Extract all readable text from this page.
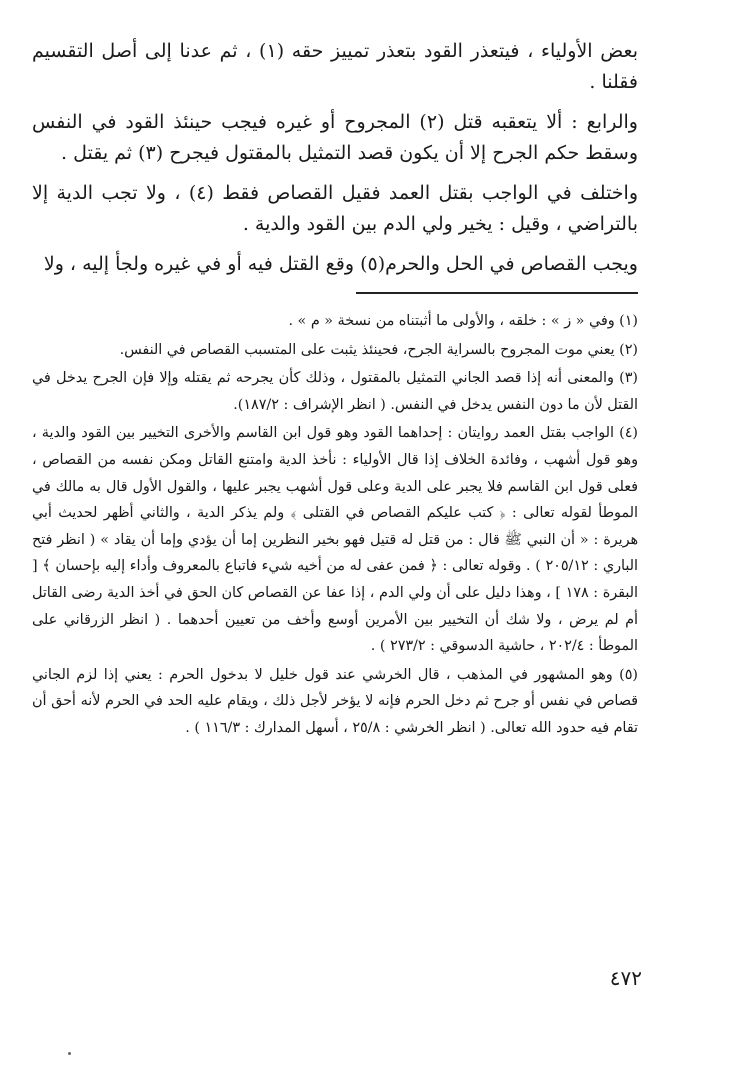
بعض الأولياء ، فيتعذر القود بتعذر تمييز حقه (١) ، ثم عدنا إلى أصل التقسيم فقلنا .

والرابع : ألا يتعقبه قتل (٢) المجروح أو غيره فيجب حينئذ القود في النفس وسقط حكم الجرح إلا أن يكون قصد التمثيل بالمقتول فيجرح (٣) ثم يقتل .

واختلف في الواجب بقتل العمد فقيل القصاص فقط (٤) ، ولا تجب الدية إلا بالتراضي ، وقيل : يخير ولي الدم بين القود والدية .

ويجب القصاص في الحل والحرم(٥) وقع القتل فيه أو في غيره ولجأ إليه ، ولا

(١) وفي « ز » : خلقه ، والأولى ما أثبتناه من نسخة « م » .

(٢) يعني موت المجروح بالسراية الجرح، فحينئذ يثبت على المتسبب القصاص في النفس.

(٣) والمعنى أنه إذا قصد الجاني التمثيل بالمقتول ، وذلك كأن يجرحه ثم يقتله وإلا فإن الجرح يدخل في القتل لأن ما دون النفس يدخل في النفس. ( انظر الإشراف : ١٨٧/٢).

(٤) الواجب بقتل العمد روايتان : إحداهما القود وهو قول ابن القاسم والأخرى التخيير بين القود والدية ، وهو قول أشهب ، وفائدة الخلاف إذا قال الأولياء : نأخذ الدية وامتنع القاتل ومكن نفسه من القصاص ، فعلى قول ابن القاسم فلا يجبر على الدية وعلى قول أشهب يجبر عليها ، والقول الأول قال به مالك في الموطأ لقوله تعالى : ﴿ كتب عليكم القصاص في القتلى ﴾ ولم يذكر الدية ، والثاني أظهر لحديث أبي هريرة : « أن النبي ﷺ قال : من قتل له قتيل فهو بخير النظرين إما أن يؤدي وإما أن يقاد » ( انظر فتح الباري : ٢٠٥/١٢ ) . وقوله تعالى : ﴿ فمن عفى له من أخيه شيء فاتباع بالمعروف وأداء إليه بإحسان ﴾ [ البقرة : ١٧٨ ] ، وهذا دليل على أن ولي الدم ، إذا عفا عن القصاص كان الحق في أخذ الدية رضى القاتل أم لم يرض ، ولا شك أن التخيير بين الأمرين أوسع وأخف من تعيين أحدهما . ( انظر الزرقاني على الموطأ : ٢٠٢/٤ ، حاشية الدسوقي : ٢٧٣/٢ ) .

(٥) وهو المشهور في المذهب ، قال الخرشي عند قول خليل لا بدخول الحرم : يعني إذا لزم الجاني قصاص في نفس أو جرح ثم دخل الحرم فإنه لا يؤخر لأجل ذلك ، ويقام عليه الحد في الحرم لأنه أحق أن تقام فيه حدود الله تعالى. ( انظر الخرشي : ٢٥/٨ ، أسهل المدارك : ١١٦/٣ ) .

٤٧٢
